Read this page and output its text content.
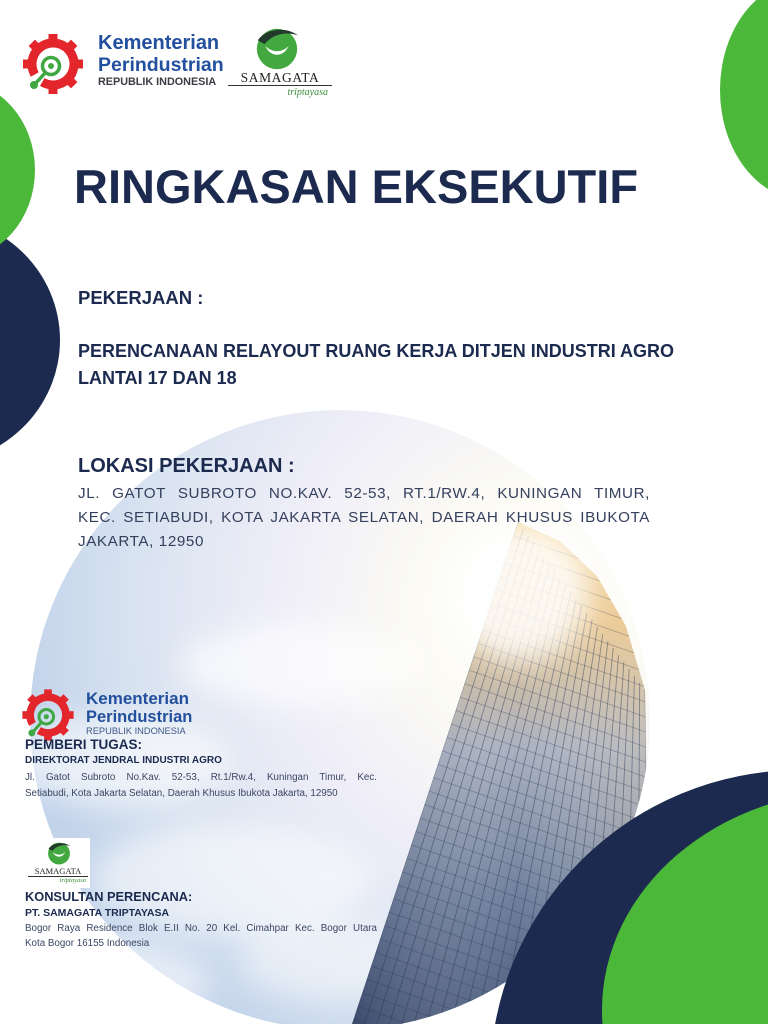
Kementerian
Perindustrian
REPUBLIK INDONESIA	SAMAGATA
triptayasa
RINGKASAN EKSEKUTIF
PEKERJAAN :
PERENCANAAN RELAYOUT RUANG KERJA DITJEN INDUSTRI AGRO
LANTAI 17 DAN 18
LOKASI PEKERJAAN :
JL. GATOT SUBROTO NO.KAV. 52-53, RT.1/RW.4, KUNINGAN TIMUR,
KEC. SETIABUDI, KOTA JAKARTA SELATAN, DAERAH KHUSUS IBUKOTA
JAKARTA, 12950
Kementerian
Perindustrian
REPUBLIK INDONESIA
PEMBERI TUGAS:
DIREKTORAT JENDRAL INDUSTRI AGRO
Jl. Gatot Subroto No.Kav. 52-53, Rt.1/Rw.4, Kuningan Timur, Kec.
Setiabudi, Kota Jakarta Selatan, Daerah Khusus Ibukota Jakarta, 12950
SAMAGATA
triptayasa
KONSULTAN PERENCANA:
PT. SAMAGATA TRIPTAYASA
Bogor Raya Residence Blok E.II No. 20 Kel. Cimahpar Kec. Bogor Utara
Kota Bogor 16155 Indonesia
